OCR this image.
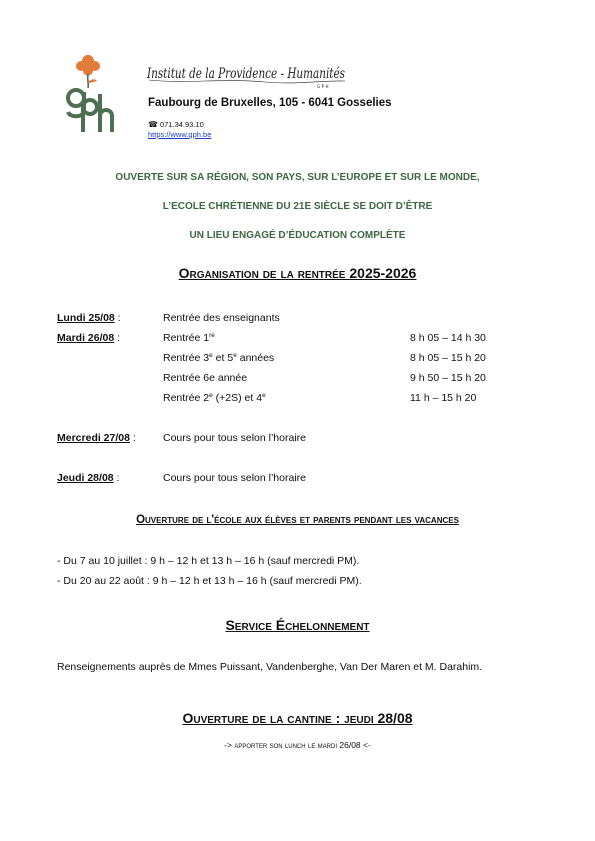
Institut de la Providence - Humanités
GPH
Faubourg de Bruxelles, 105 - 6041 Gosselies
☎ 071.34.93.10
https://www.gph.be
OUVERTE SUR SA RÉGION, SON PAYS, SUR L’EUROPE ET SUR LE MONDE,
L’ECOLE CHRÉTIENNE DU 21E SIÈCLE SE DOIT D’ÊTRE
UN LIEU ENGAGÉ D’ÉDUCATION COMPLÈTE
Organisation de la rentrée 2025-2026
Lundi 25/08 :	Rentrée des enseignants
Mardi 26/08 :	Rentrée 1re	8 h 05 – 14 h 30
Rentrée 3e et 5e années	8 h 05 – 15 h 20
Rentrée 6e année	9 h 50 – 15 h 20
Rentrée 2e (+2S) et 4e	11 h – 15 h 20
Mercredi 27/08 :	Cours pour tous selon l’horaire
Jeudi 28/08 :	Cours pour tous selon l’horaire
Ouverture de l'école aux élèves et parents pendant les vacances
- Du 7 au 10 juillet : 9 h – 12 h et 13 h – 16 h (sauf mercredi PM).
- Du 20 au 22 août : 9 h – 12 h et 13 h – 16 h (sauf mercredi PM).
Service Échelonnement
Renseignements auprès de Mmes Puissant, Vandenberghe, Van Der Maren et M. Darahim.
Ouverture de la cantine : jeudi 28/08
-> apporter son lunch le mardi 26/08 <-
